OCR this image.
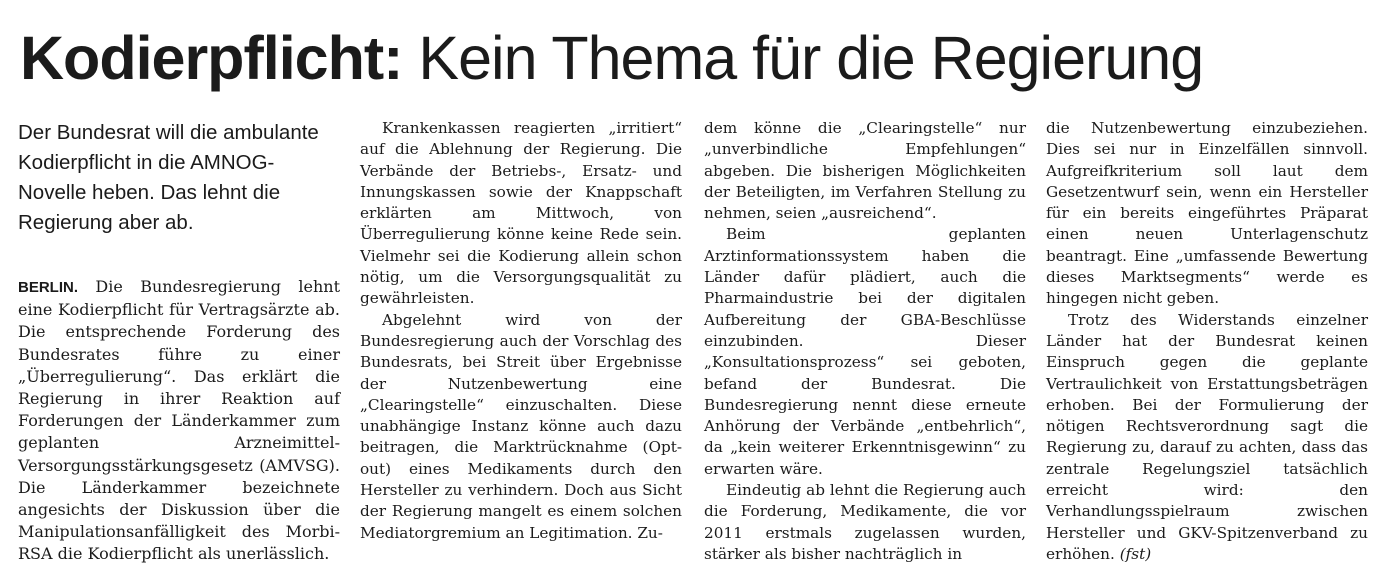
Kodierpflicht: Kein Thema für die Regierung

Der Bundesrat will die ambulante Kodierpflicht in die AMNOG-Novelle heben. Das lehnt die Regierung aber ab.

BERLIN. Die Bundesregierung lehnt eine Kodierpflicht für Vertragsärzte ab. Die entsprechende Forderung des Bundesrates führe zu einer „Überregulierung“. Das erklärt die Regierung in ihrer Reaktion auf Forderungen der Länderkammer zum geplanten Arzneimittel-Versorgungsstärkungsgesetz (AMVSG). Die Länderkammer bezeichnete angesichts der Diskussion über die Manipulationsanfälligkeit des Morbi-RSA die Kodierpflicht als unerlässlich.

Krankenkassen reagierten „irritiert“ auf die Ablehnung der Regierung. Die Verbände der Betriebs-, Ersatz- und Innungskassen sowie der Knappschaft erklärten am Mittwoch, von Überregulierung könne keine Rede sein. Vielmehr sei die Kodierung allein schon nötig, um die Versorgungsqualität zu gewährleisten.

Abgelehnt wird von der Bundesregierung auch der Vorschlag des Bundesrats, bei Streit über Ergebnisse der Nutzenbewertung eine „Clearingstelle“ einzuschalten. Diese unabhängige Instanz könne auch dazu beitragen, die Marktrücknahme (Opt-out) eines Medikaments durch den Hersteller zu verhindern. Doch aus Sicht der Regierung mangelt es einem solchen Mediatorgremium an Legitimation. Zu-

dem könne die „Clearingstelle“ nur „unverbindliche Empfehlungen“ abgeben. Die bisherigen Möglichkeiten der Beteiligten, im Verfahren Stellung zu nehmen, seien „ausreichend“.

Beim geplanten Arztinformationssystem haben die Länder dafür plädiert, auch die Pharmaindustrie bei der digitalen Aufbereitung der GBA-Beschlüsse einzubinden. Dieser „Konsultationsprozess“ sei geboten, befand der Bundesrat. Die Bundesregierung nennt diese erneute Anhörung der Verbände „entbehrlich“, da „kein weiterer Erkenntnisgewinn“ zu erwarten wäre.

Eindeutig ab lehnt die Regierung auch die Forderung, Medikamente, die vor 2011 erstmals zugelassen wurden, stärker als bisher nachträglich in

die Nutzenbewertung einzubeziehen. Dies sei nur in Einzelfällen sinnvoll. Aufgreifkriterium soll laut dem Gesetzentwurf sein, wenn ein Hersteller für ein bereits eingeführtes Präparat einen neuen Unterlagenschutz beantragt. Eine „umfassende Bewertung dieses Marktsegments“ werde es hingegen nicht geben.

Trotz des Widerstands einzelner Länder hat der Bundesrat keinen Einspruch gegen die geplante Vertraulichkeit von Erstattungsbeträgen erhoben. Bei der Formulierung der nötigen Rechtsverordnung sagt die Regierung zu, darauf zu achten, dass das zentrale Regelungsziel tatsächlich erreicht wird: den Verhandlungsspielraum zwischen Hersteller und GKV-Spitzenverband zu erhöhen. (fst)
